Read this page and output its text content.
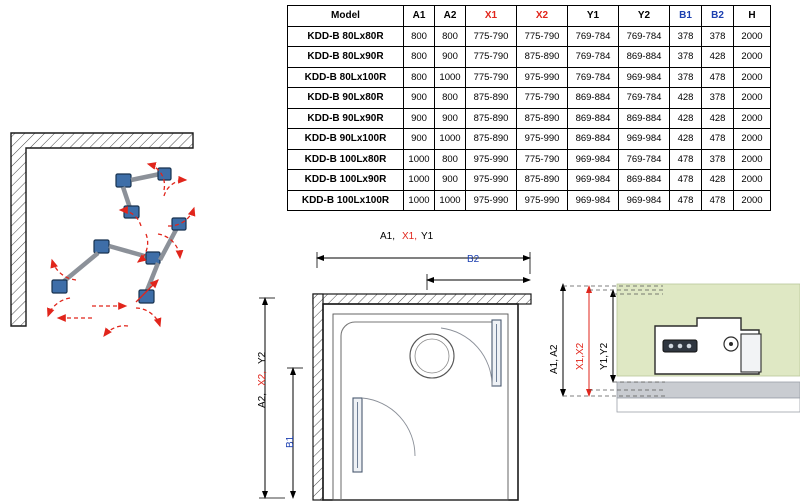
Model	A1	A2	X1	X2	Y1	Y2	B1	B2	H
KDD-B 80Lx80R	800	800	775-790	775-790	769-784	769-784	378	378	2000
KDD-B 80Lx90R	800	900	775-790	875-890	769-784	869-884	378	428	2000
KDD-B 80Lx100R	800	1000	775-790	975-990	769-784	969-984	378	478	2000
KDD-B 90Lx80R	900	800	875-890	775-790	869-884	769-784	428	378	2000
KDD-B 90Lx90R	900	900	875-890	875-890	869-884	869-884	428	428	2000
KDD-B 90Lx100R	900	1000	875-890	975-990	869-884	969-984	428	478	2000
KDD-B 100Lx80R	1000	800	975-990	775-790	969-984	769-784	478	378	2000
KDD-B 100Lx90R	1000	900	975-990	875-890	969-984	869-884	478	428	2000
KDD-B 100Lx100R	1000	1000	975-990	975-990	969-984	969-984	478	478	2000
A1, X1, Y1
B2
A2,
X2,
Y2
B1
A1, A2 X1,X2 Y1,Y2
